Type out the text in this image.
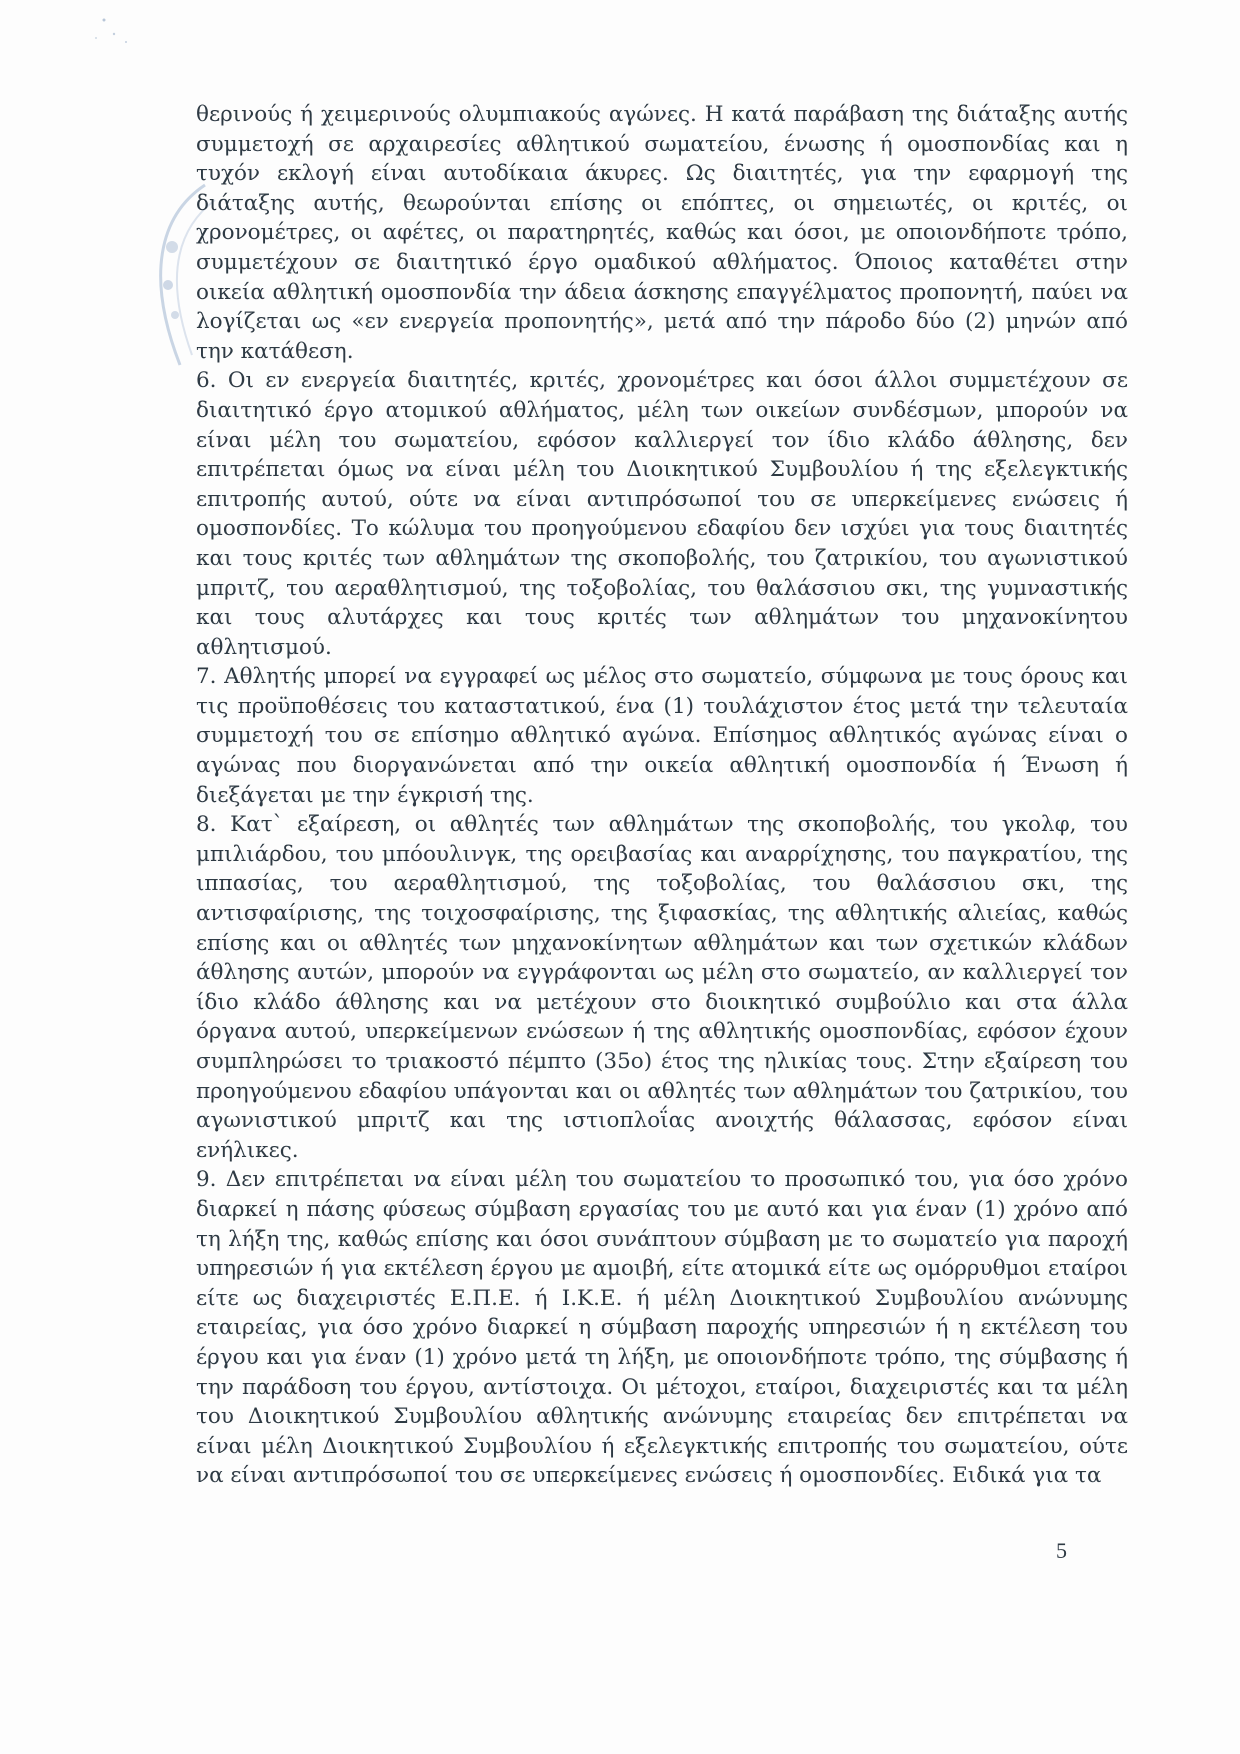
θερινούς ή χειμερινούς ολυμπιακούς αγώνες. Η κατά παράβαση της διάταξης αυτής συμμετοχή σε αρχαιρεσίες αθλητικού σωματείου, ένωσης ή ομοσπονδίας και η τυχόν εκλογή είναι αυτοδίκαια άκυρες. Ως διαιτητές, για την εφαρμογή της διάταξης αυτής, θεωρούνται επίσης οι επόπτες, οι σημειωτές, οι κριτές, οι χρονομέτρες, οι αφέτες, οι παρατηρητές, καθώς και όσοι, με οποιονδήποτε τρόπο, συμμετέχουν σε διαιτητικό έργο ομαδικού αθλήματος. Όποιος καταθέτει στην οικεία αθλητική ομοσπονδία την άδεια άσκησης επαγγέλματος προπονητή, παύει να λογίζεται ως «εν ενεργεία προπονητής», μετά από την πάροδο δύο (2) μηνών από την κατάθεση.

6. Οι εν ενεργεία διαιτητές, κριτές, χρονομέτρες και όσοι άλλοι συμμετέχουν σε διαιτητικό έργο ατομικού αθλήματος, μέλη των οικείων συνδέσμων, μπορούν να είναι μέλη του σωματείου, εφόσον καλλιεργεί τον ίδιο κλάδο άθλησης, δεν επιτρέπεται όμως να είναι μέλη του Διοικητικού Συμβουλίου ή της εξελεγκτικής επιτροπής αυτού, ούτε να είναι αντιπρόσωποί του σε υπερκείμενες ενώσεις ή ομοσπονδίες. Το κώλυμα του προηγούμενου εδαφίου δεν ισχύει για τους διαιτητές και τους κριτές των αθλημάτων της σκοποβολής, του ζατρικίου, του αγωνιστικού μπριτζ, του αεραθλητισμού, της τοξοβολίας, του θαλάσσιου σκι, της γυμναστικής και τους αλυτάρχες και τους κριτές των αθλημάτων του μηχανοκίνητου αθλητισμού.

7. Αθλητής μπορεί να εγγραφεί ως μέλος στο σωματείο, σύμφωνα με τους όρους και τις προϋποθέσεις του καταστατικού, ένα (1) τουλάχιστον έτος μετά την τελευταία συμμετοχή του σε επίσημο αθλητικό αγώνα. Επίσημος αθλητικός αγώνας είναι ο αγώνας που διοργανώνεται από την οικεία αθλητική ομοσπονδία ή Ένωση ή διεξάγεται με την έγκρισή της.

8. Κατ` εξαίρεση, οι αθλητές των αθλημάτων της σκοποβολής, του γκολφ, του μπιλιάρδου, του μπόουλινγκ, της ορειβασίας και αναρρίχησης, του παγκρατίου, της ιππασίας, του αεραθλητισμού, της τοξοβολίας, του θαλάσσιου σκι, της αντισφαίρισης, της τοιχοσφαίρισης, της ξιφασκίας, της αθλητικής αλιείας, καθώς επίσης και οι αθλητές των μηχανοκίνητων αθλημάτων και των σχετικών κλάδων άθλησης αυτών, μπορούν να εγγράφονται ως μέλη στο σωματείο, αν καλλιεργεί τον ίδιο κλάδο άθλησης και να μετέχουν στο διοικητικό συμβούλιο και στα άλλα όργανα αυτού, υπερκείμενων ενώσεων ή της αθλητικής ομοσπονδίας, εφόσον έχουν συμπληρώσει το τριακοστό πέμπτο (35ο) έτος της ηλικίας τους. Στην εξαίρεση του προηγούμενου εδαφίου υπάγονται και οι αθλητές των αθλημάτων του ζατρικίου, του αγωνιστικού μπριτζ και της ιστιοπλοΐας ανοιχτής θάλασσας, εφόσον είναι ενήλικες.

9. Δεν επιτρέπεται να είναι μέλη του σωματείου το προσωπικό του, για όσο χρόνο διαρκεί η πάσης φύσεως σύμβαση εργασίας του με αυτό και για έναν (1) χρόνο από τη λήξη της, καθώς επίσης και όσοι συνάπτουν σύμβαση με το σωματείο για παροχή υπηρεσιών ή για εκτέλεση έργου με αμοιβή, είτε ατομικά είτε ως ομόρρυθμοι εταίροι είτε ως διαχειριστές Ε.Π.Ε. ή Ι.Κ.Ε. ή μέλη Διοικητικού Συμβουλίου ανώνυμης εταιρείας, για όσο χρόνο διαρκεί η σύμβαση παροχής υπηρεσιών ή η εκτέλεση του έργου και για έναν (1) χρόνο μετά τη λήξη, με οποιονδήποτε τρόπο, της σύμβασης ή την παράδοση του έργου, αντίστοιχα. Οι μέτοχοι, εταίροι, διαχειριστές και τα μέλη του Διοικητικού Συμβουλίου αθλητικής ανώνυμης εταιρείας δεν επιτρέπεται να είναι μέλη Διοικητικού Συμβουλίου ή εξελεγκτικής επιτροπής του σωματείου, ούτε να είναι αντιπρόσωποί του σε υπερκείμενες ενώσεις ή ομοσπονδίες. Ειδικά για τα

5
